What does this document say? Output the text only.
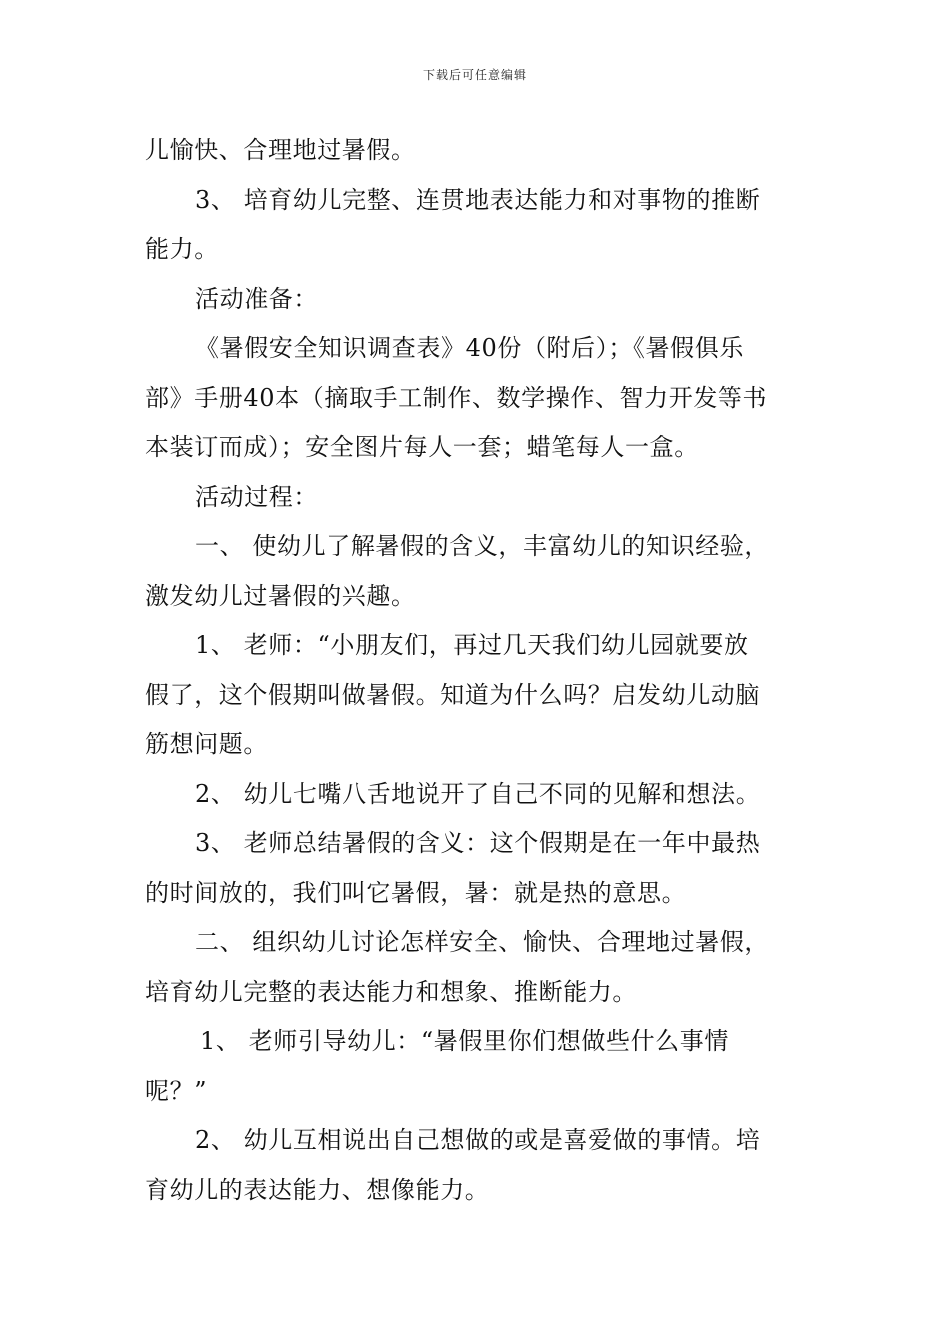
下载后可任意编辑
儿愉快、合理地过暑假。
3、 培育幼儿完整、连贯地表达能力和对事物的推断
能力。
活动准备：
《暑假安全知识调查表》40份（附后）；《暑假俱乐
部》手册40本（摘取手工制作、数学操作、智力开发等书
本装订而成）；安全图片每人一套；蜡笔每人一盒。
活动过程：
一、 使幼儿了解暑假的含义，丰富幼儿的知识经验，
激发幼儿过暑假的兴趣。
1、 老师：“小朋友们，再过几天我们幼儿园就要放
假了，这个假期叫做暑假。知道为什么吗？启发幼儿动脑
筋想问题。
2、 幼儿七嘴八舌地说开了自己不同的见解和想法。
3、 老师总结暑假的含义：这个假期是在一年中最热
的时间放的，我们叫它暑假，暑：就是热的意思。
二、 组织幼儿讨论怎样安全、愉快、合理地过暑假，
培育幼儿完整的表达能力和想象、推断能力。
1、 老师引导幼儿：“暑假里你们想做些什么事情
呢？”
2、 幼儿互相说出自己想做的或是喜爱做的事情。培
育幼儿的表达能力、想像能力。
